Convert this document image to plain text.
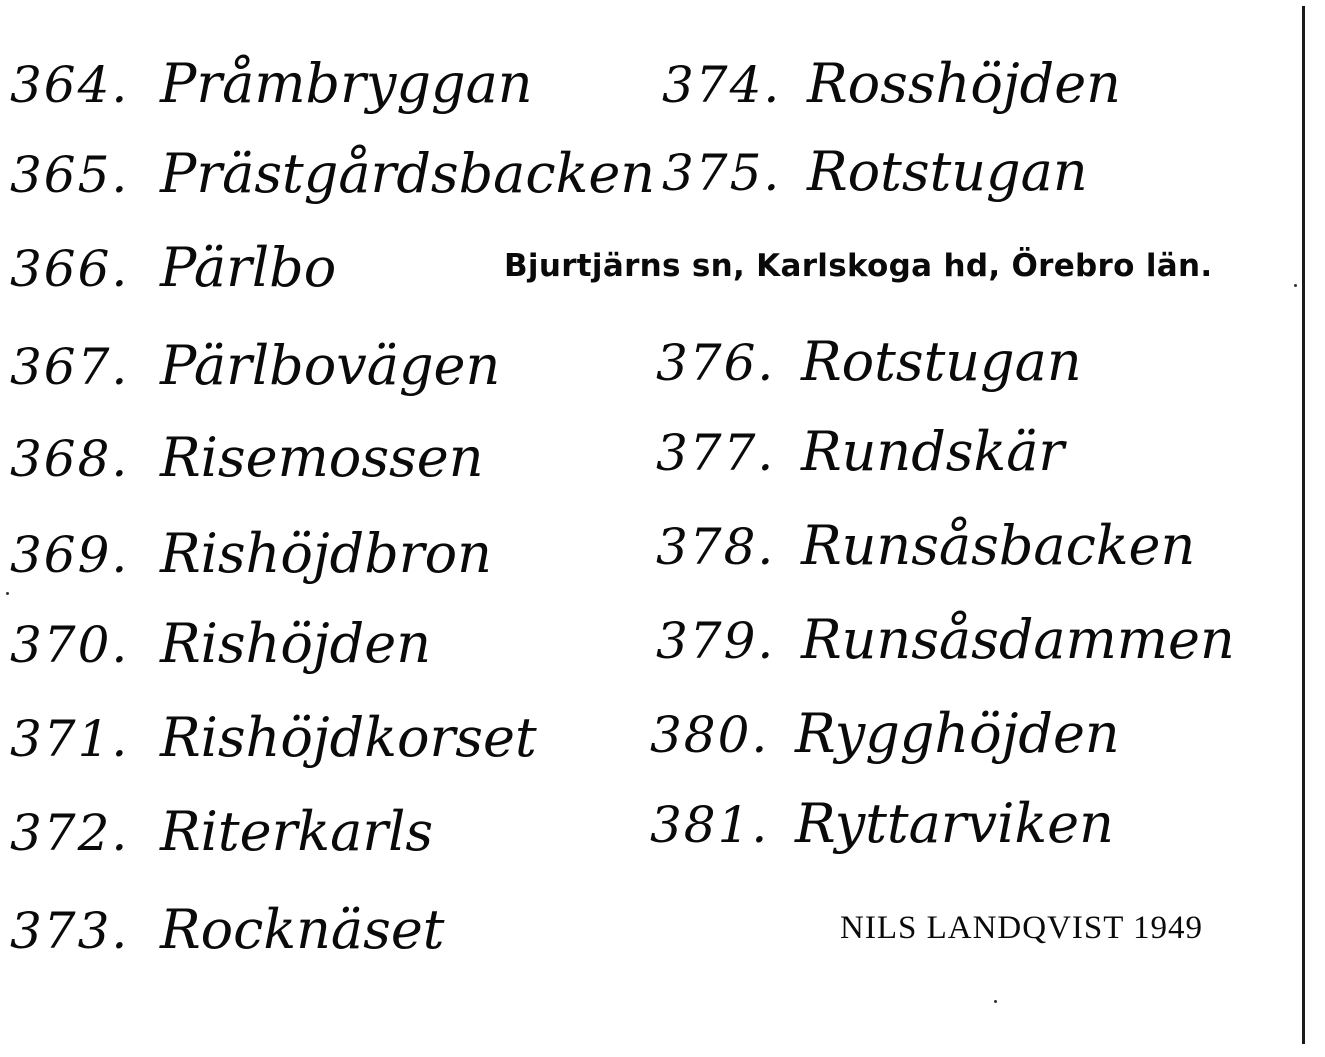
364. Pråmbryggan
365. Prästgårdsbacken
366. Pärlbo
367. Pärlbovägen
368. Risemossen
369. Rishöjdbron
370. Rishöjden
371. Rishöjdkorset
372. Riterkarls
373. Rocknäset
374. Rosshöjden
375. Rotstugan
376. Rotstugan
377. Rundskär
378. Runsåsbacken
379. Runsåsdammen
380. Rygghöjden
381. Ryttarviken
Bjurtjärns sn, Karlskoga hd, Örebro län.
NILS LANDQVIST 1949
